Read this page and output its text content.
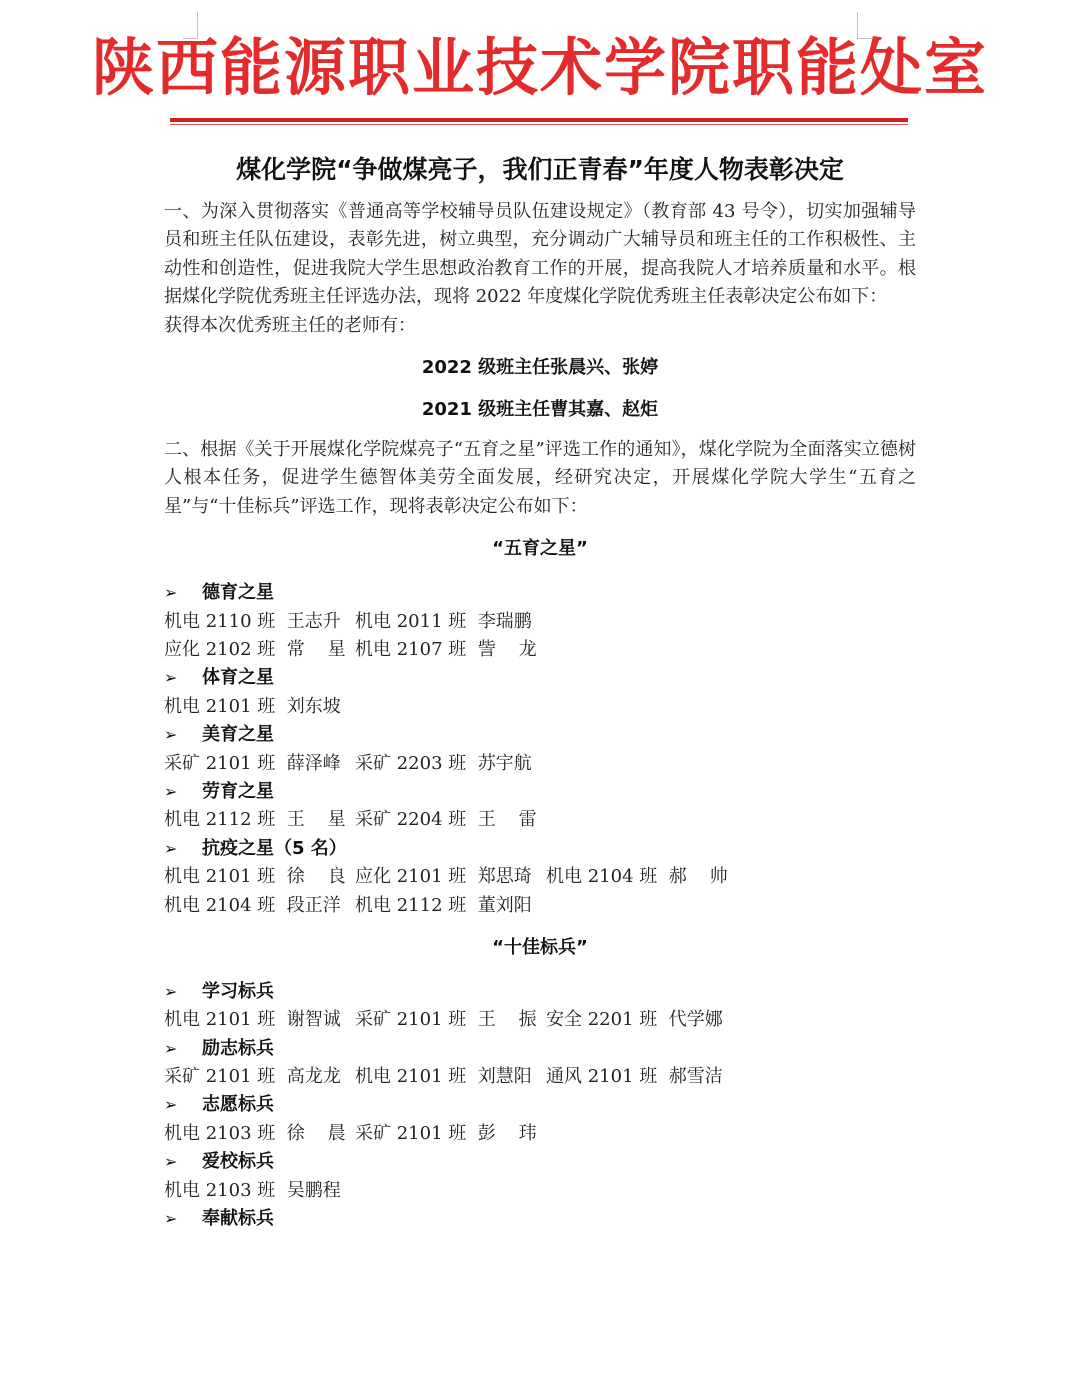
陕西能源职业技术学院职能处室
煤化学院“争做煤亮子，我们正青春”年度人物表彰决定

一、为深入贯彻落实《普通高等学校辅导员队伍建设规定》（教育部 43 号令），切实加强辅导员和班主任队伍建设，表彰先进，树立典型，充分调动广大辅导员和班主任的工作积极性、主动性和创造性，促进我院大学生思想政治教育工作的开展，提高我院人才培养质量和水平。根据煤化学院优秀班主任评选办法，现将 2022 年度煤化学院优秀班主任表彰决定公布如下：

获得本次优秀班主任的老师有：
2022 级班主任张晨兴、张婷
2021 级班主任曹其嘉、赵炬

二、根据《关于开展煤化学院煤亮子“五育之星”评选工作的通知》，煤化学院为全面落实立德树人根本任务，促进学生德智体美劳全面发展，经研究决定，开展煤化学院大学生“五育之星”与“十佳标兵”评选工作，现将表彰决定公布如下：

“五育之星”
➢ 德育之星
机电 2110 班  王志升 机电 2011 班  李瑞鹏
应化 2102 班  常    星 机电 2107 班  訾    龙
➢ 体育之星
机电 2101 班  刘东坡
➢ 美育之星
采矿 2101 班  薛泽峰 采矿 2203 班  苏宇航
➢ 劳育之星
机电 2112 班  王    星 采矿 2204 班  王    雷
➢ 抗疫之星（5 名）
机电 2101 班  徐    良 应化 2101 班  郑思琦 机电 2104 班  郝    帅
机电 2104 班  段正洋 机电 2112 班  董刘阳
“十佳标兵”
➢ 学习标兵
机电 2101 班  谢智诚 采矿 2101 班  王    振 安全 2201 班  代学娜
➢ 励志标兵
采矿 2101 班  高龙龙 机电 2101 班  刘慧阳 通风 2101 班  郝雪洁
➢ 志愿标兵
机电 2103 班  徐    晨 采矿 2101 班  彭    玮
➢ 爱校标兵
机电 2103 班  吴鹏程
➢ 奉献标兵
